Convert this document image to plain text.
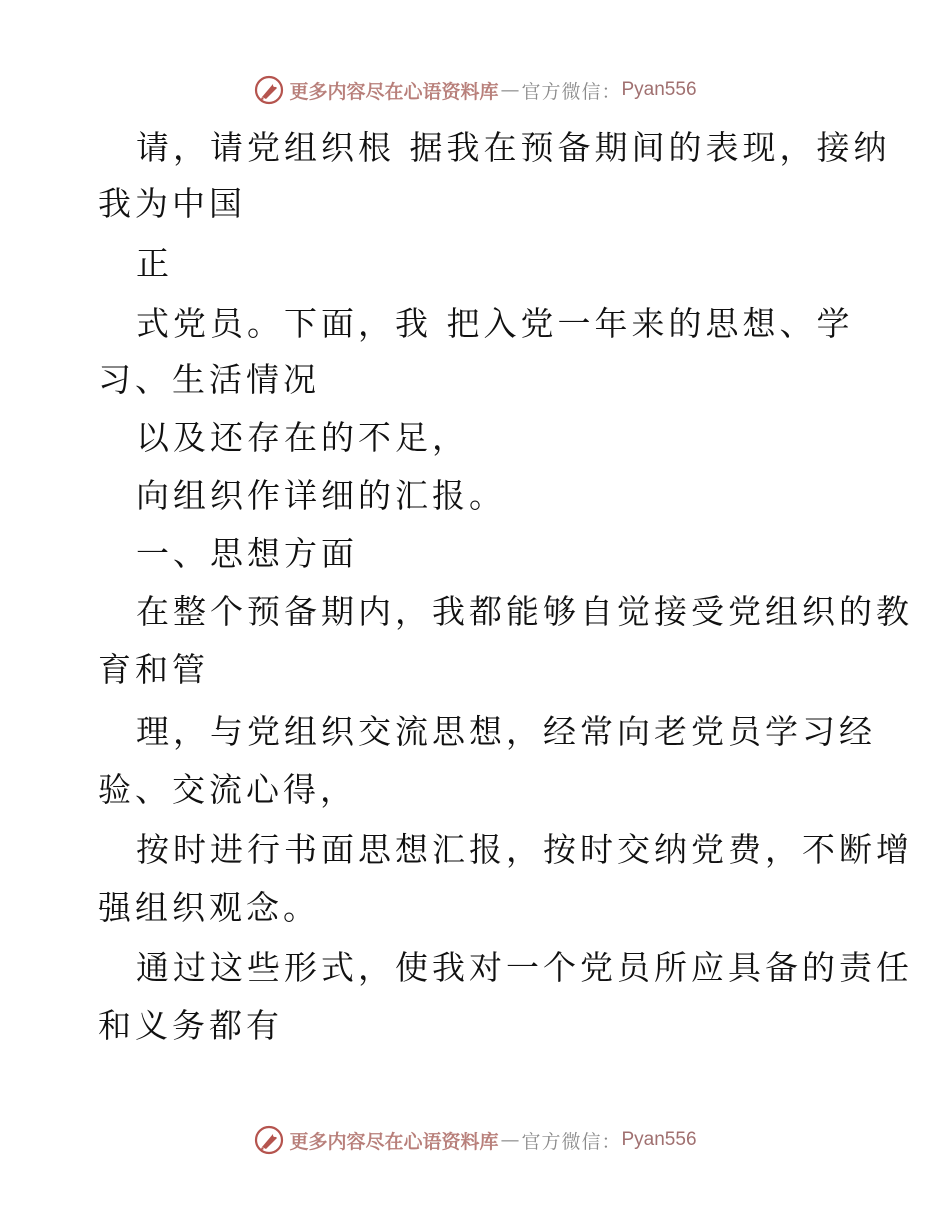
更多内容尽在心语资料库 — 官方微信： Pyan556
请，请党组织根 据我在预备期间的表现，接纳
我为中国
正
式党员。下面，我 把入党一年来的思想、学
习、生活情况
以及还存在的不足，
向组织作详细的汇报。
一、思想方面
在整个预备期内，我都能够自觉接受党组织的教
育和管
理，与党组织交流思想，经常向老党员学习经
验、交流心得，
按时进行书面思想汇报，按时交纳党费，不断增
强组织观念。
通过这些形式，使我对一个党员所应具备的责任
和义务都有
更多内容尽在心语资料库 — 官方微信： Pyan556
